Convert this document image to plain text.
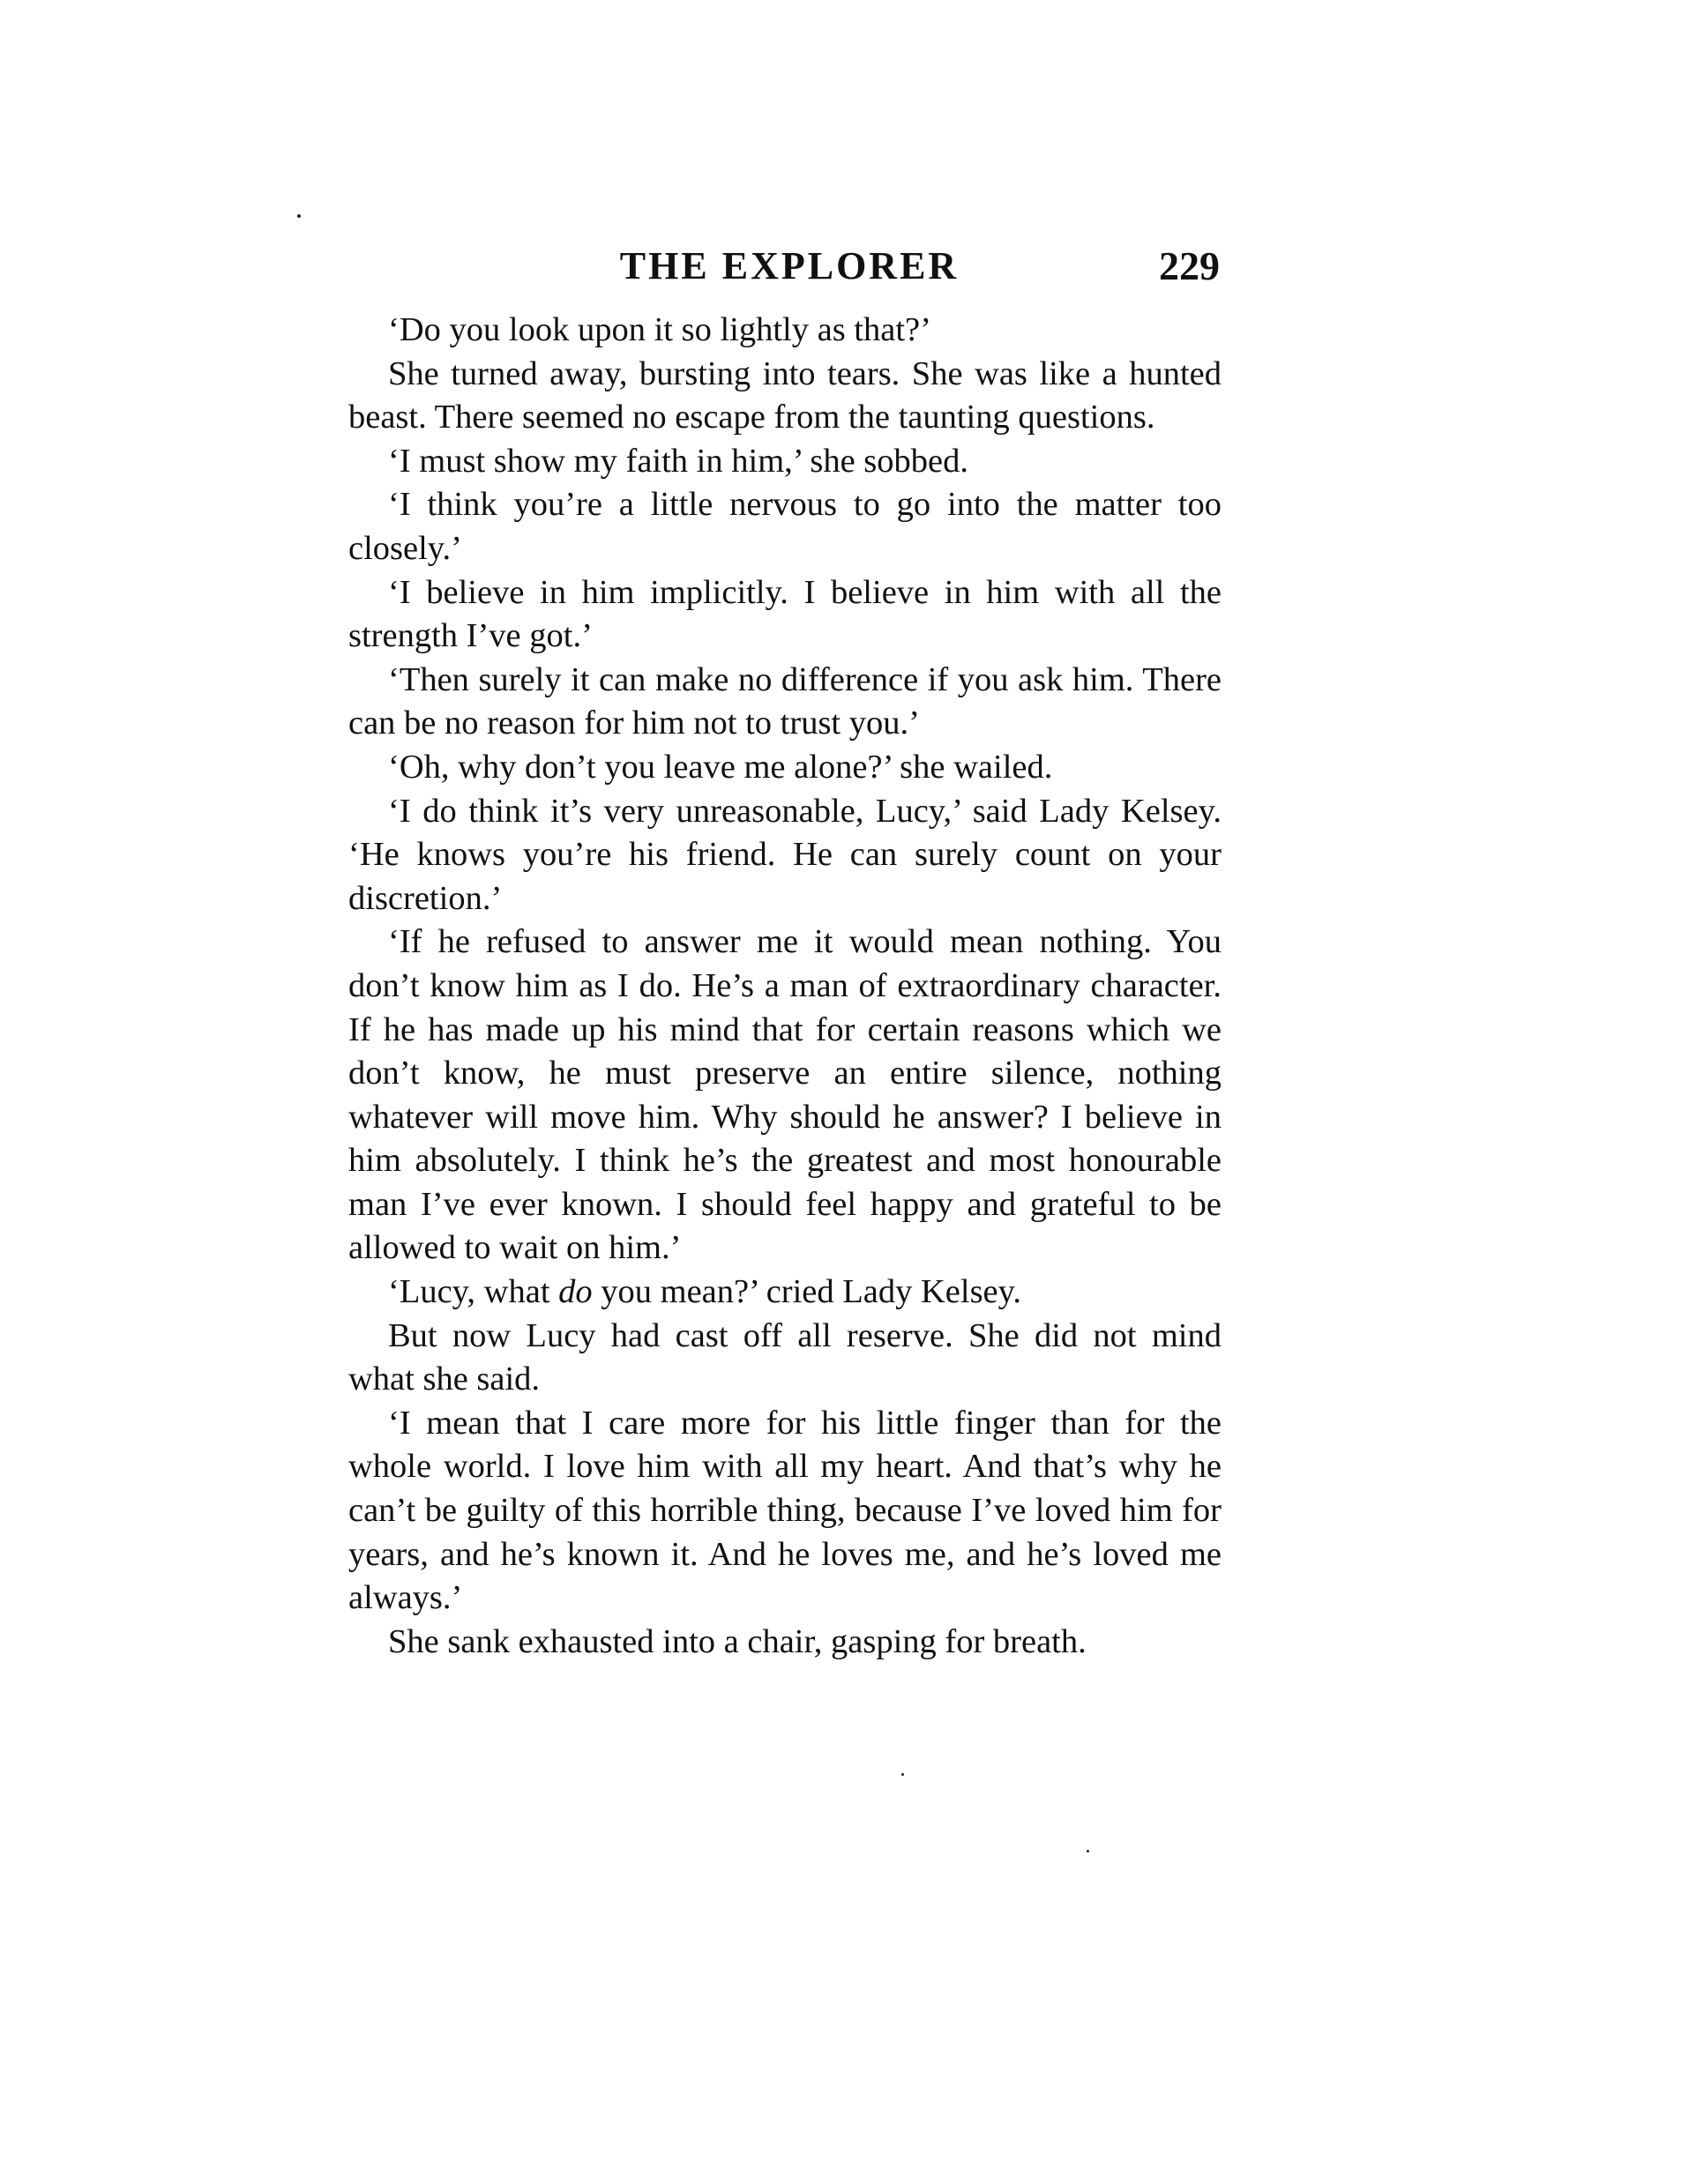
THE EXPLORER	229

‘Do you look upon it so lightly as that?’

She turned away, bursting into tears. She was like a hunted beast. There seemed no escape from the taunting questions.

‘I must show my faith in him,’ she sobbed.

‘I think you’re a little nervous to go into the matter too closely.’

‘I believe in him implicitly. I believe in him with all the strength I’ve got.’

‘Then surely it can make no difference if you ask him. There can be no reason for him not to trust you.’

‘Oh, why don’t you leave me alone?’ she wailed.

‘I do think it’s very unreasonable, Lucy,’ said Lady Kelsey. ‘He knows you’re his friend. He can surely count on your discretion.’

‘If he refused to answer me it would mean nothing. You don’t know him as I do. He’s a man of extraordinary character. If he has made up his mind that for certain reasons which we don’t know, he must preserve an entire silence, nothing whatever will move him. Why should he answer? I believe in him absolutely. I think he’s the greatest and most honourable man I’ve ever known. I should feel happy and grateful to be allowed to wait on him.’

‘Lucy, what do you mean?’ cried Lady Kelsey.

But now Lucy had cast off all reserve. She did not mind what she said.

‘I mean that I care more for his little finger than for the whole world. I love him with all my heart. And that’s why he can’t be guilty of this horrible thing, because I’ve loved him for years, and he’s known it. And he loves me, and he’s loved me always.’

She sank exhausted into a chair, gasping for breath.
